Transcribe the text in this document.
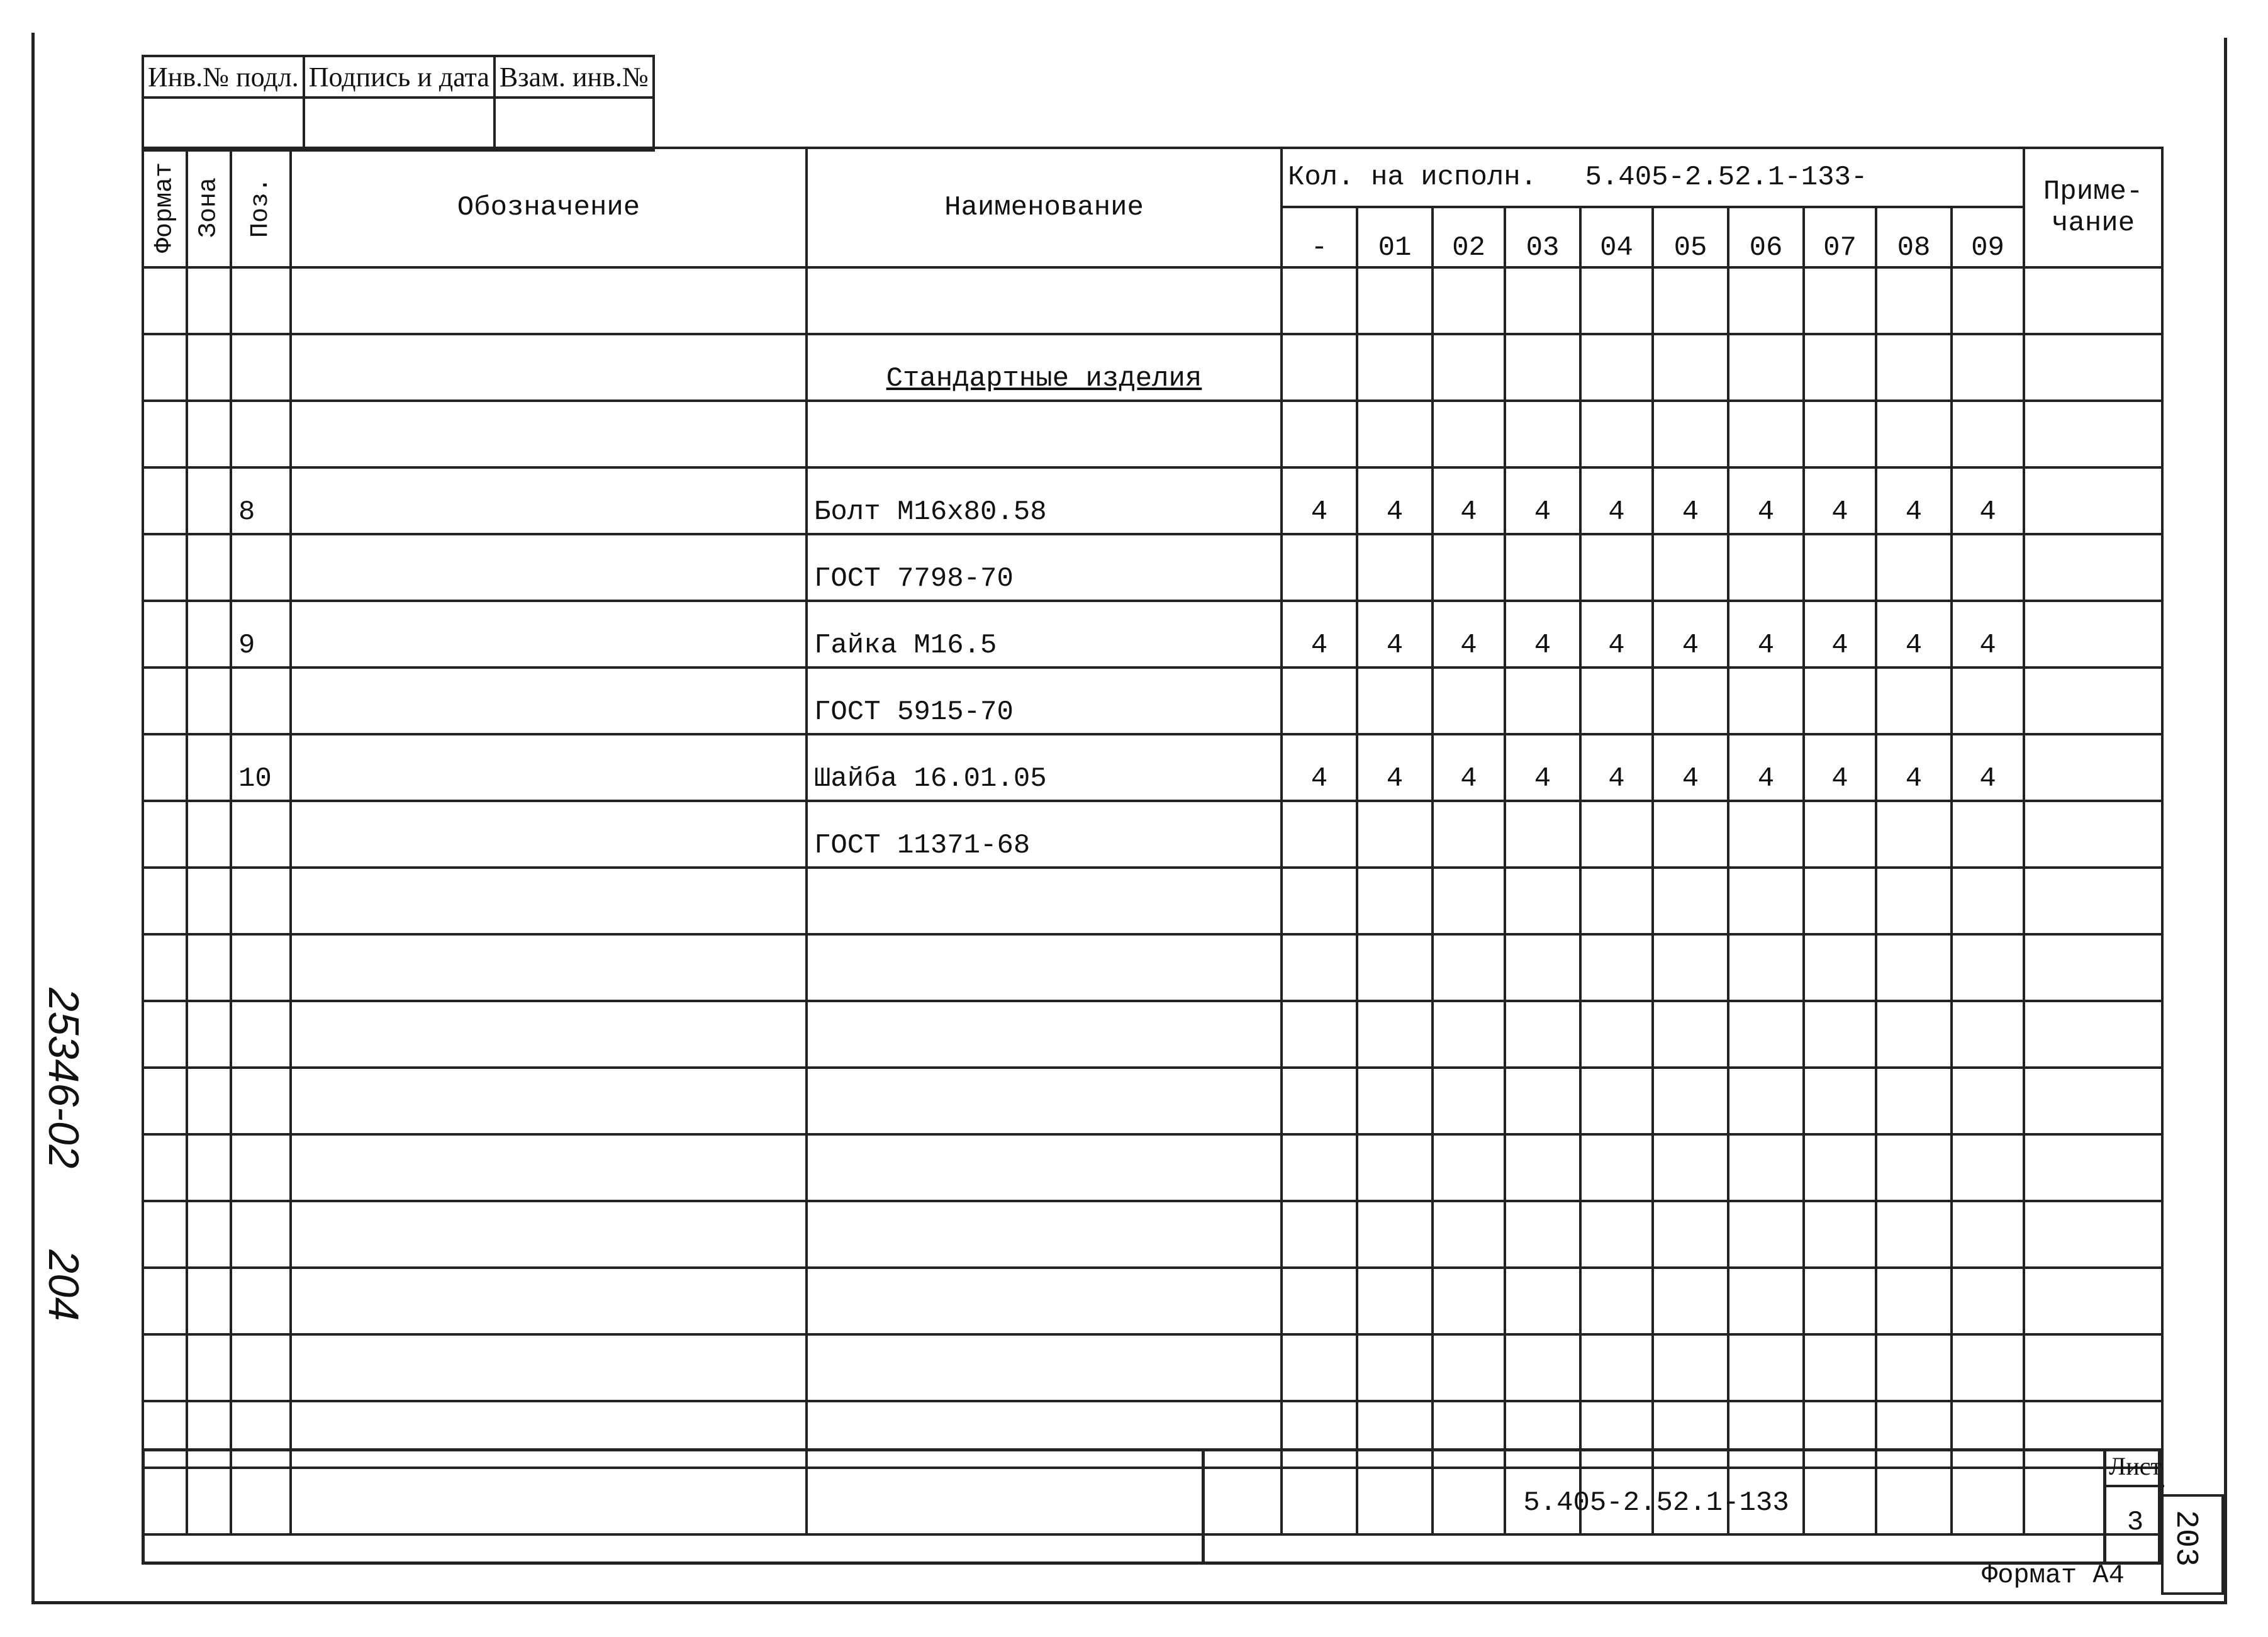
Инв.№ подл.	Подпись и дата	Взам. инв.№

Формат	Зона	Поз.	Обозначение	Наименование	Кол. на исполн. 5.405-2.52.1-133-										Приме-
чание

					-	01	02	03	04	05	06	07	08	09	

				Стандартные изделия											

		8		Болт М16x80.58	4	4	4	4	4	4	4	4	4	4	
				ГОСТ 7798-70											
		9		Гайка М16.5	4	4	4	4	4	4	4	4	4	4	
				ГОСТ 5915-70											
		10		Шайба 16.01.05	4	4	4	4	4	4	4	4	4	4	
				ГОСТ 11371-68											

5.405-2.52.1-133
Лист
3
Формат А4
203
25346-02 204
